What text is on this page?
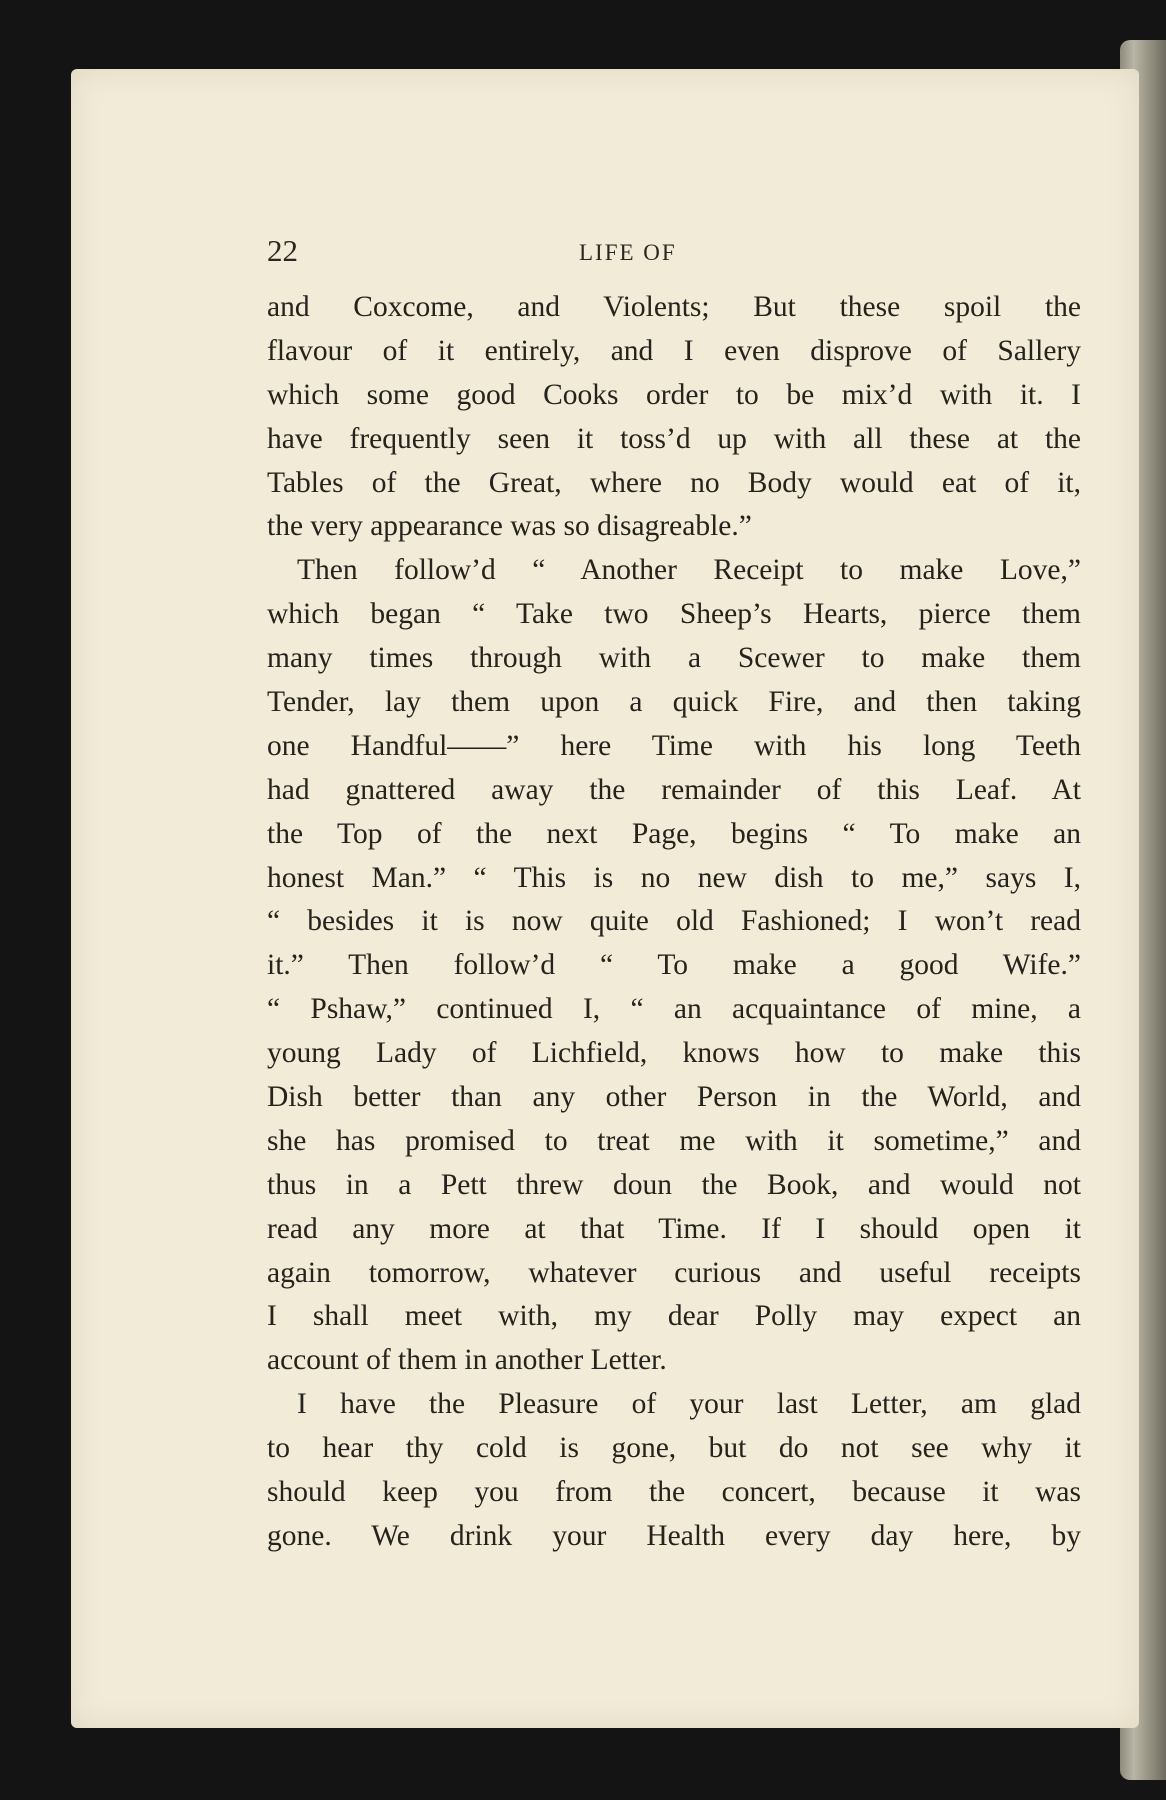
22	LIFE OF
and Coxcome, and Violents; But these spoil the
flavour of it entirely, and I even disprove of Sallery
which some good Cooks order to be mix’d with it. I
have frequently seen it toss’d up with all these at the
Tables of the Great, where no Body would eat of it,
the very appearance was so disagreable.”
Then follow’d “ Another Receipt to make Love,”
which began “ Take two Sheep’s Hearts, pierce them
many times through with a Scewer to make them
Tender, lay them upon a quick Fire, and then taking
one Handful——” here Time with his long Teeth
had gnattered away the remainder of this Leaf. At
the Top of the next Page, begins “ To make an
honest Man.” “ This is no new dish to me,” says I,
“ besides it is now quite old Fashioned; I won’t read
it.” Then follow’d “ To make a good Wife.”
“ Pshaw,” continued I, “ an acquaintance of mine, a
young Lady of Lichfield, knows how to make this
Dish better than any other Person in the World, and
she has promised to treat me with it sometime,” and
thus in a Pett threw doun the Book, and would not
read any more at that Time. If I should open it
again tomorrow, whatever curious and useful receipts
I shall meet with, my dear Polly may expect an
account of them in another Letter.
I have the Pleasure of your last Letter, am glad
to hear thy cold is gone, but do not see why it
should keep you from the concert, because it was
gone. We drink your Health every day here, by
